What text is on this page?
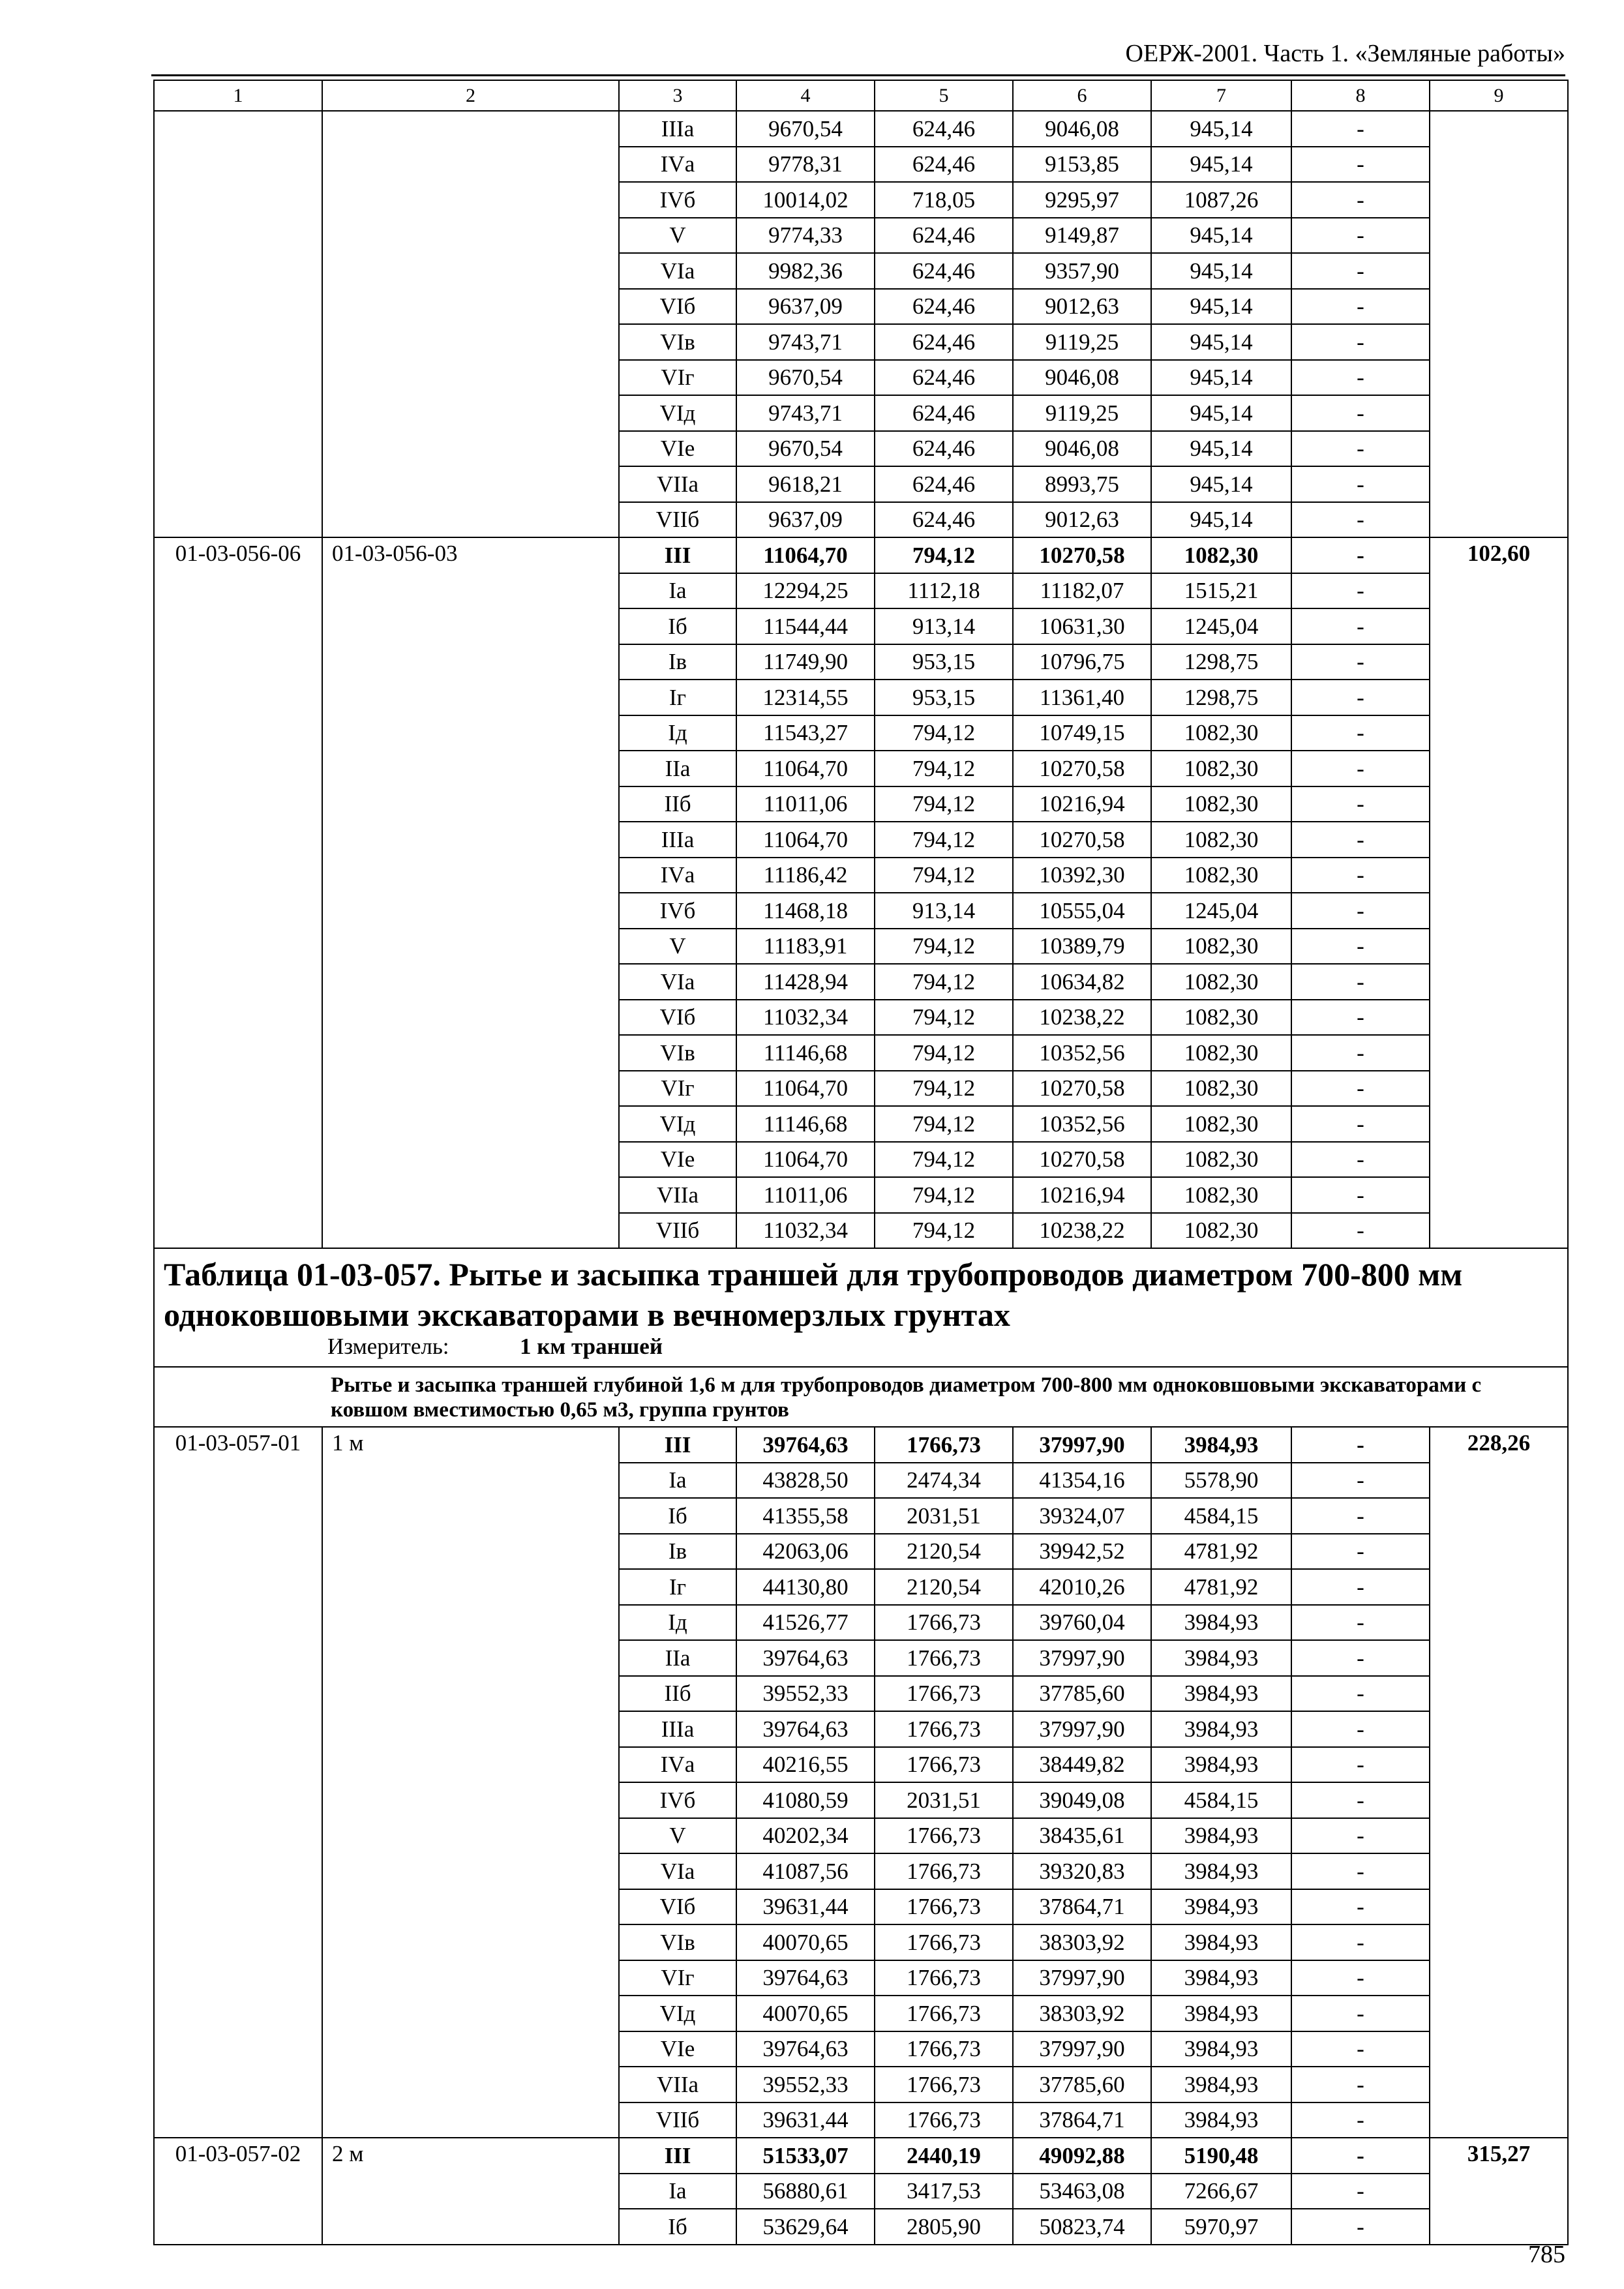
ОЕРЖ-2001. Часть 1. «Земляные работы»
1	2	3	4	5	6	7	8	9
		IIIа	9670,54	624,46	9046,08	945,14	-	
		IVа	9778,31	624,46	9153,85	945,14	-	
		IVб	10014,02	718,05	9295,97	1087,26	-	
		V	9774,33	624,46	9149,87	945,14	-	
		VIа	9982,36	624,46	9357,90	945,14	-	
		VIб	9637,09	624,46	9012,63	945,14	-	
		VIв	9743,71	624,46	9119,25	945,14	-	
		VIг	9670,54	624,46	9046,08	945,14	-	
		VIд	9743,71	624,46	9119,25	945,14	-	
		VIе	9670,54	624,46	9046,08	945,14	-	
		VIIа	9618,21	624,46	8993,75	945,14	-	
		VIIб	9637,09	624,46	9012,63	945,14	-	
01-03-056-06	01-03-056-03	III	11064,70	794,12	10270,58	1082,30	-	102,60
		Iа	12294,25	1112,18	11182,07	1515,21	-	
		Iб	11544,44	913,14	10631,30	1245,04	-	
		Iв	11749,90	953,15	10796,75	1298,75	-	
		Iг	12314,55	953,15	11361,40	1298,75	-	
		Iд	11543,27	794,12	10749,15	1082,30	-	
		IIа	11064,70	794,12	10270,58	1082,30	-	
		IIб	11011,06	794,12	10216,94	1082,30	-	
		IIIа	11064,70	794,12	10270,58	1082,30	-	
		IVа	11186,42	794,12	10392,30	1082,30	-	
		IVб	11468,18	913,14	10555,04	1245,04	-	
		V	11183,91	794,12	10389,79	1082,30	-	
		VIа	11428,94	794,12	10634,82	1082,30	-	
		VIб	11032,34	794,12	10238,22	1082,30	-	
		VIв	11146,68	794,12	10352,56	1082,30	-	
		VIг	11064,70	794,12	10270,58	1082,30	-	
		VIд	11146,68	794,12	10352,56	1082,30	-	
		VIе	11064,70	794,12	10270,58	1082,30	-	
		VIIа	11011,06	794,12	10216,94	1082,30	-	
		VIIб	11032,34	794,12	10238,22	1082,30	-	

Таблица 01-03-057. Рытье и засыпка траншей для трубопроводов диаметром 700-800 мм одноковшовыми экскаваторами в вечномерзлых грунтах
Измеритель: 1 км траншей								

Рытье и засыпка траншей глубиной 1,6 м для трубопроводов диаметром 700-800 мм одноковшовыми экскаваторами с ковшом вместимостью 0,65 м3, группа грунтов								
01-03-057-01	1 м	III	39764,63	1766,73	37997,90	3984,93	-	228,26
		Iа	43828,50	2474,34	41354,16	5578,90	-	
		Iб	41355,58	2031,51	39324,07	4584,15	-	
		Iв	42063,06	2120,54	39942,52	4781,92	-	
		Iг	44130,80	2120,54	42010,26	4781,92	-	
		Iд	41526,77	1766,73	39760,04	3984,93	-	
		IIа	39764,63	1766,73	37997,90	3984,93	-	
		IIб	39552,33	1766,73	37785,60	3984,93	-	
		IIIа	39764,63	1766,73	37997,90	3984,93	-	
		IVа	40216,55	1766,73	38449,82	3984,93	-	
		IVб	41080,59	2031,51	39049,08	4584,15	-	
		V	40202,34	1766,73	38435,61	3984,93	-	
		VIа	41087,56	1766,73	39320,83	3984,93	-	
		VIб	39631,44	1766,73	37864,71	3984,93	-	
		VIв	40070,65	1766,73	38303,92	3984,93	-	
		VIг	39764,63	1766,73	37997,90	3984,93	-	
		VIд	40070,65	1766,73	38303,92	3984,93	-	
		VIе	39764,63	1766,73	37997,90	3984,93	-	
		VIIа	39552,33	1766,73	37785,60	3984,93	-	
		VIIб	39631,44	1766,73	37864,71	3984,93	-	
01-03-057-02	2 м	III	51533,07	2440,19	49092,88	5190,48	-	315,27
		Iа	56880,61	3417,53	53463,08	7266,67	-	
		Iб	53629,64	2805,90	50823,74	5970,97	-	
785
